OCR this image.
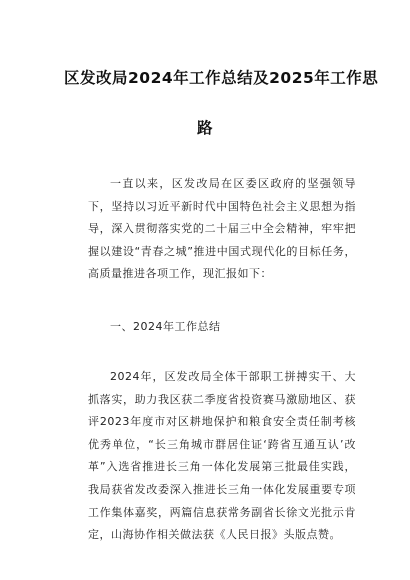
区发改局2024年工作总结及2025年工作思
路

一直以来，区发改局在区委区政府的坚强领导下，坚持以习近平新时代中国特色社会主义思想为指导，深入贯彻落实党的二十届三中全会精神，牢牢把握以建设“青春之城”推进中国式现代化的目标任务，高质量推进各项工作，现汇报如下：

一、2024年工作总结

2024年，区发改局全体干部职工拼搏实干、大抓落实，助力我区获二季度省投资赛马激励地区、获评2023年度市对区耕地保护和粮食安全责任制考核优秀单位，“长三角城市群居住证‘跨省互通互认’改革”入选省推进长三角一体化发展第三批最佳实践，我局获省发改委深入推进长三角一体化发展重要专项工作集体嘉奖，两篇信息获常务副省长徐文光批示肯定，山海协作相关做法获《人民日报》头版点赞。
